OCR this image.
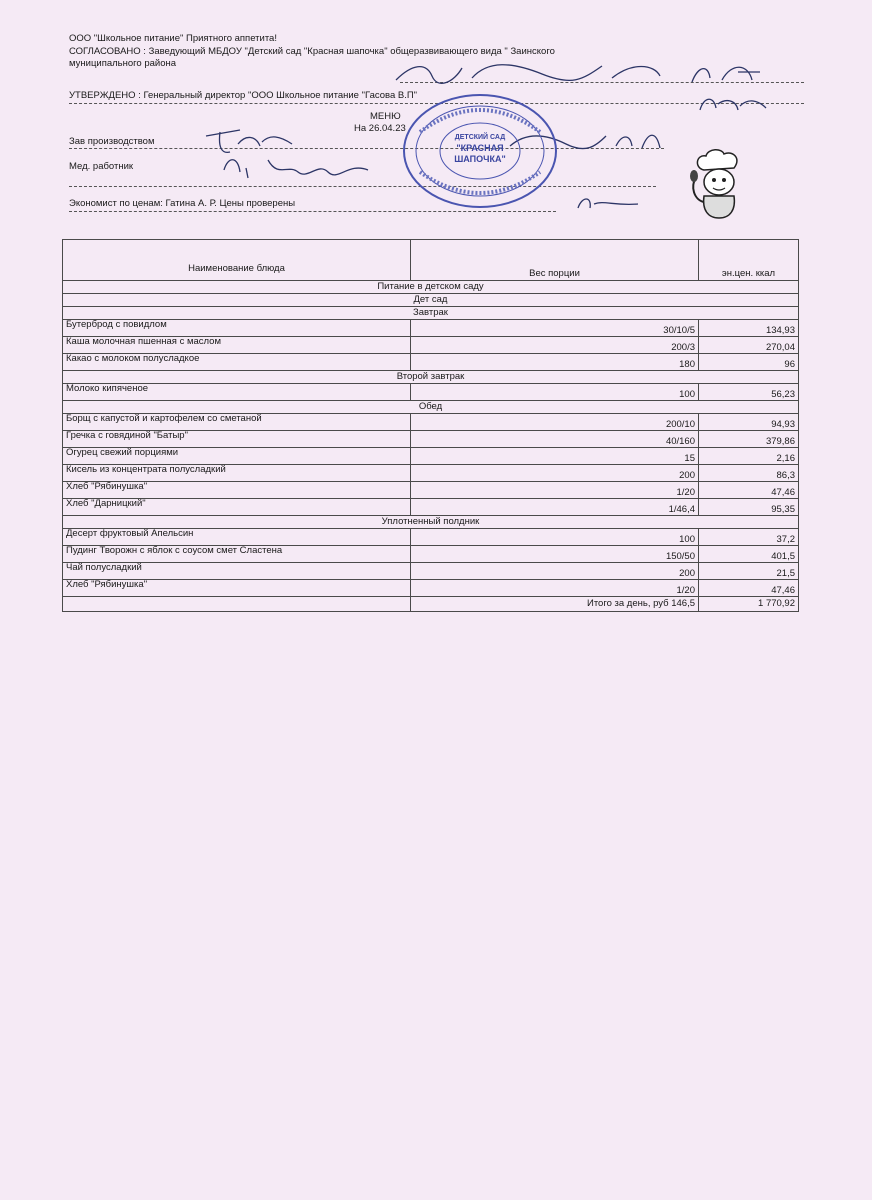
ООО "Школьное питание" Приятного аппетита!
СОГЛАСОВАНО : Заведующий МБДОУ "Детский сад "Красная шапочка" общеразвивающего вида " Заинского
муниципального района
УТВЕРЖДЕНО : Генеральный директор "ООО Школьное питание "Гасова В.П"
МЕНЮ
На 26.04.23
Зав производством
Мед. работник
Экономист по ценам: Гатина А. Р. Цены проверены
ДЕТСКИЙ САД
"КРАСНАЯ
ШАПОЧКА"
Наименование блюда	Вес порции	эн.цен. ккал
Питание в детском саду		
Дет сад		
Завтрак		
Бутерброд с повидлом	30/10/5	134,93
Каша молочная пшенная с маслом	200/3	270,04
Какао с молоком полусладкое	180	96
Второй завтрак		
Молоко кипяченое	100	56,23
Обед		
Борщ с капустой и картофелем со сметаной	200/10	94,93
Гречка с говядиной "Батыр"	40/160	379,86
Огурец свежий порциями	15	2,16
Кисель из концентрата полусладкий	200	86,3
Хлеб "Рябинушка"	1/20	47,46
Хлеб "Дарницкий"	1/46,4	95,35
Уплотненный полдник		
Десерт фруктовый Апельсин	100	37,2
Пудинг Творожн с яблок с соусом смет Сластена	150/50	401,5
Чай полусладкий	200	21,5
Хлеб "Рябинушка"	1/20	47,46
	Итого за день, руб 146,5	1 770,92
